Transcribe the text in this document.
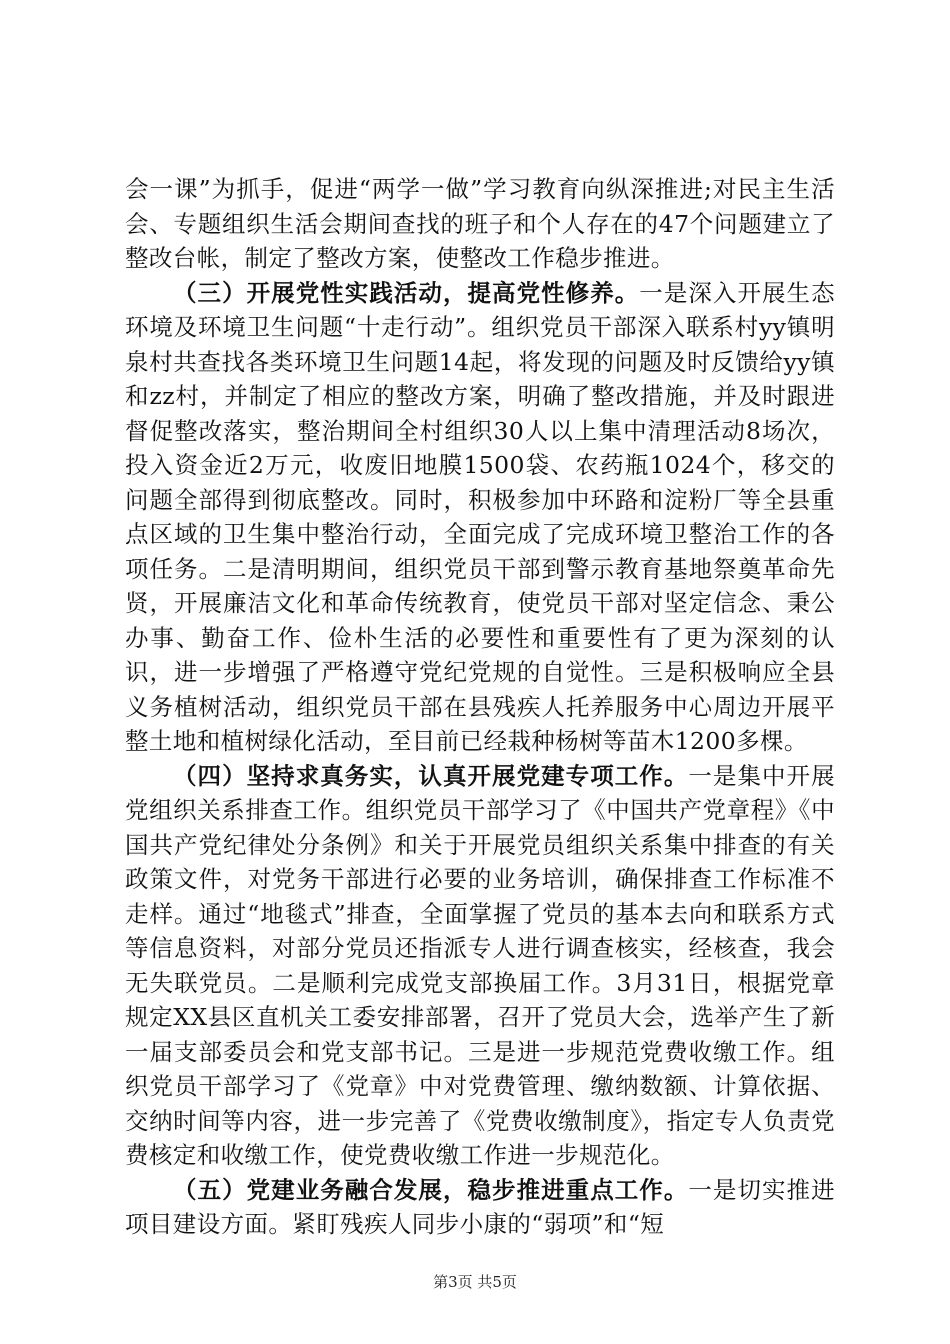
会一课”为抓手，促进“两学一做”学习教育向纵深推进;对民主生活会、专题组织生活会期间查找的班子和个人存在的47个问题建立了整改台帐，制定了整改方案，使整改工作稳步推进。

（三）开展党性实践活动，提高党性修养。一是深入开展生态环境及环境卫生问题“十走行动”。组织党员干部深入联系村yy镇明泉村共查找各类环境卫生问题14起，将发现的问题及时反馈给yy镇和zz村，并制定了相应的整改方案，明确了整改措施，并及时跟进督促整改落实，整治期间全村组织30人以上集中清理活动8场次，投入资金近2万元，收废旧地膜1500袋、农药瓶1024个，移交的问题全部得到彻底整改。同时，积极参加中环路和淀粉厂等全县重点区域的卫生集中整治行动，全面完成了完成环境卫整治工作的各项任务。二是清明期间，组织党员干部到警示教育基地祭奠革命先贤，开展廉洁文化和革命传统教育，使党员干部对坚定信念、秉公办事、勤奋工作、俭朴生活的必要性和重要性有了更为深刻的认识，进一步增强了严格遵守党纪党规的自觉性。三是积极响应全县义务植树活动，组织党员干部在县残疾人托养服务中心周边开展平整土地和植树绿化活动，至目前已经栽种杨树等苗木1200多棵。

（四）坚持求真务实，认真开展党建专项工作。一是集中开展党组织关系排查工作。组织党员干部学习了《中国共产党章程》《中国共产党纪律处分条例》和关于开展党员组织关系集中排查的有关政策文件，对党务干部进行必要的业务培训，确保排查工作标准不走样。通过“地毯式”排查，全面掌握了党员的基本去向和联系方式等信息资料，对部分党员还指派专人进行调查核实，经核查，我会无失联党员。二是顺利完成党支部换届工作。3月31日，根据党章规定XX县区直机关工委安排部署，召开了党员大会，选举产生了新一届支部委员会和党支部书记。三是进一步规范党费收缴工作。组织党员干部学习了《党章》中对党费管理、缴纳数额、计算依据、交纳时间等内容，进一步完善了《党费收缴制度》，指定专人负责党费核定和收缴工作，使党费收缴工作进一步规范化。

（五）党建业务融合发展，稳步推进重点工作。一是切实推进项目建设方面。紧盯残疾人同步小康的“弱项”和“短

第3页 共5页
